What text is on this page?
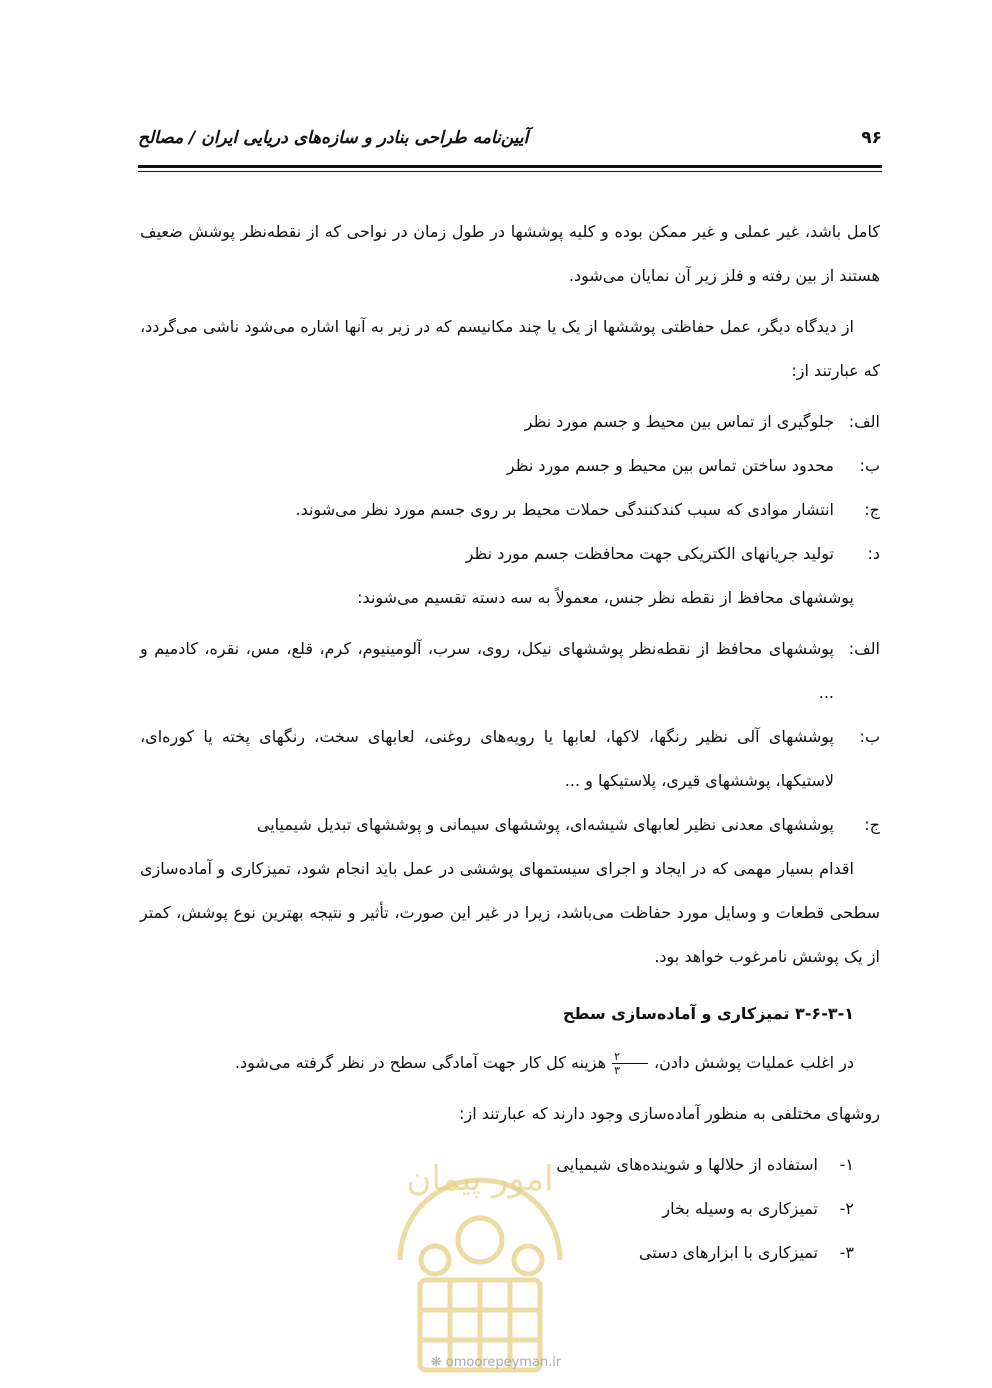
۹۶
آیین‌نامه طراحی بنادر و سازه‌های دریایی ایران / مصالح

کامل باشد، غیر عملی و غیر ممکن بوده و کلیه پوششها در طول زمان در نواحی که از نقطه‌نظر پوشش ضعیف هستند از بین رفته و فلز زیر آن نمایان می‌شود.

از دیدگاه دیگر، عمل حفاظتی پوششها از یک یا چند مکانیسم که در زیر به آنها اشاره می‌شود ناشی می‌گردد، که عبارتند از:

الف:
جلوگیری از تماس بین محیط و جسم مورد نظر
ب:
محدود ساختن تماس بین محیط و جسم مورد نظر
ج:
انتشار موادی که سبب کندکنندگی حملات محیط بر روی جسم مورد نظر می‌شوند.
د:
تولید جریانهای الکتریکی جهت محافظت جسم مورد نظر

پوششهای محافظ از نقطه نظر جنس، معمولاً به سه دسته تقسیم می‌شوند:

الف:
پوششهای محافظ از نقطه‌نظر پوششهای نیکل، روی، سرب، آلومینیوم، کرم، قلع، مس، نقره، کادمیم و ...
ب:
پوششهای آلی نظیر رنگها، لاکها، لعابها یا رویه‌های روغنی، لعابهای سخت، رنگهای پخته یا کوره‌ای، لاستیکها، پوششهای قیری، پلاستیکها و ...
ج:
پوششهای معدنی نظیر لعابهای شیشه‌ای، پوششهای سیمانی و پوششهای تبدیل شیمیایی

اقدام بسیار مهمی که در ایجاد و اجرای سیستمهای پوششی در عمل باید انجام شود، تمیزکاری و آماده‌سازی سطحی قطعات و وسایل مورد حفاظت می‌باشد، زیرا در غیر این صورت، تأثیر و نتیجه بهترین نوع پوشش، کمتر از یک پوشش نامرغوب خواهد بود.

۳-۶-۳-۱ تمیزکاری و آماده‌سازی سطح

در اغلب عملیات پوشش دادن،
$\frac{۲}{۳}$
هزینه کل کار جهت آمادگی سطح در نظر گرفته می‌شود.

روشهای مختلفی به منظور آماده‌سازی وجود دارند که عبارتند از:

۱-
استفاده از حلالها و شوینده‌های شیمیایی
۲-
تمیزکاری به وسیله بخار
۳-
تمیزکاری با ابزارهای دستی
امور پیمان
❋ omoorepeyman.ir
